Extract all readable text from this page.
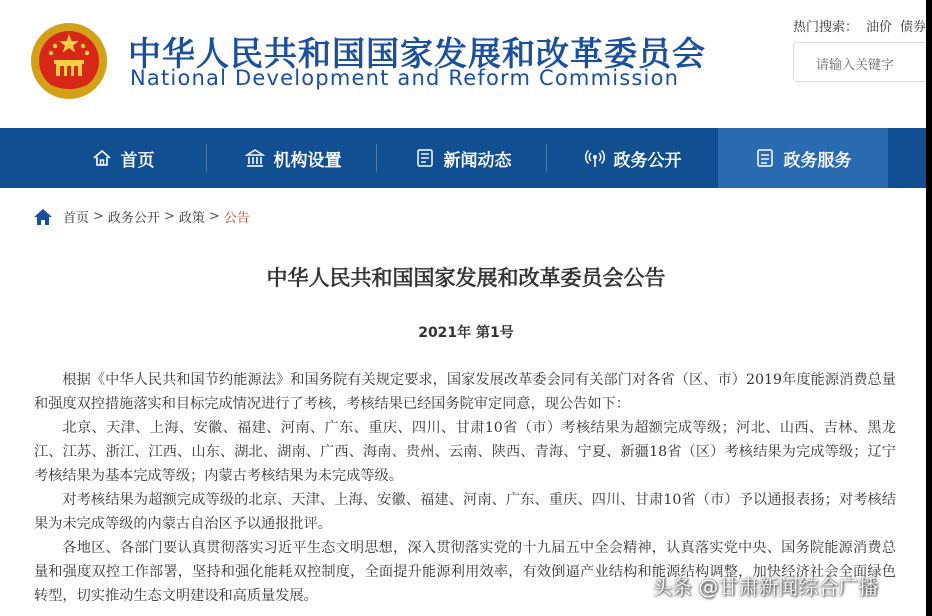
中华人民共和国国家发展和改革委员会
National Development and Reform Commission
热门搜索： 油价 债券
请输入关键字
首页	机构设置	新闻动态	政务公开	政务服务
首页 > 政务公开 > 政策 > 公告
中华人民共和国国家发展和改革委员会公告
2021年 第1号

根据《中华人民共和国节约能源法》和国务院有关规定要求，国家发展改革委会同有关部门对各省（区、市）2019年度能源消费总量和强度双控措施落实和目标完成情况进行了考核，考核结果已经国务院审定同意，现公告如下：

北京、天津、上海、安徽、福建、河南、广东、重庆、四川、甘肃10省（市）考核结果为超额完成等级；河北、山西、吉林、黑龙江、江苏、浙江、江西、山东、湖北、湖南、广西、海南、贵州、云南、陕西、青海、宁夏、新疆18省（区）考核结果为完成等级；辽宁考核结果为基本完成等级；内蒙古考核结果为未完成等级。

对考核结果为超额完成等级的北京、天津、上海、安徽、福建、河南、广东、重庆、四川、甘肃10省（市）予以通报表扬；对考核结果为未完成等级的内蒙古自治区予以通报批评。

各地区、各部门要认真贯彻落实习近平生态文明思想，深入贯彻落实党的十九届五中全会精神，认真落实党中央、国务院能源消费总量和强度双控工作部署，坚持和强化能耗双控制度，全面提升能源利用效率，有效倒逼产业结构和能源结构调整，加快经济社会全面绿色转型，切实推动生态文明建设和高质量发展。	头条 @甘肃新闻综合广播
